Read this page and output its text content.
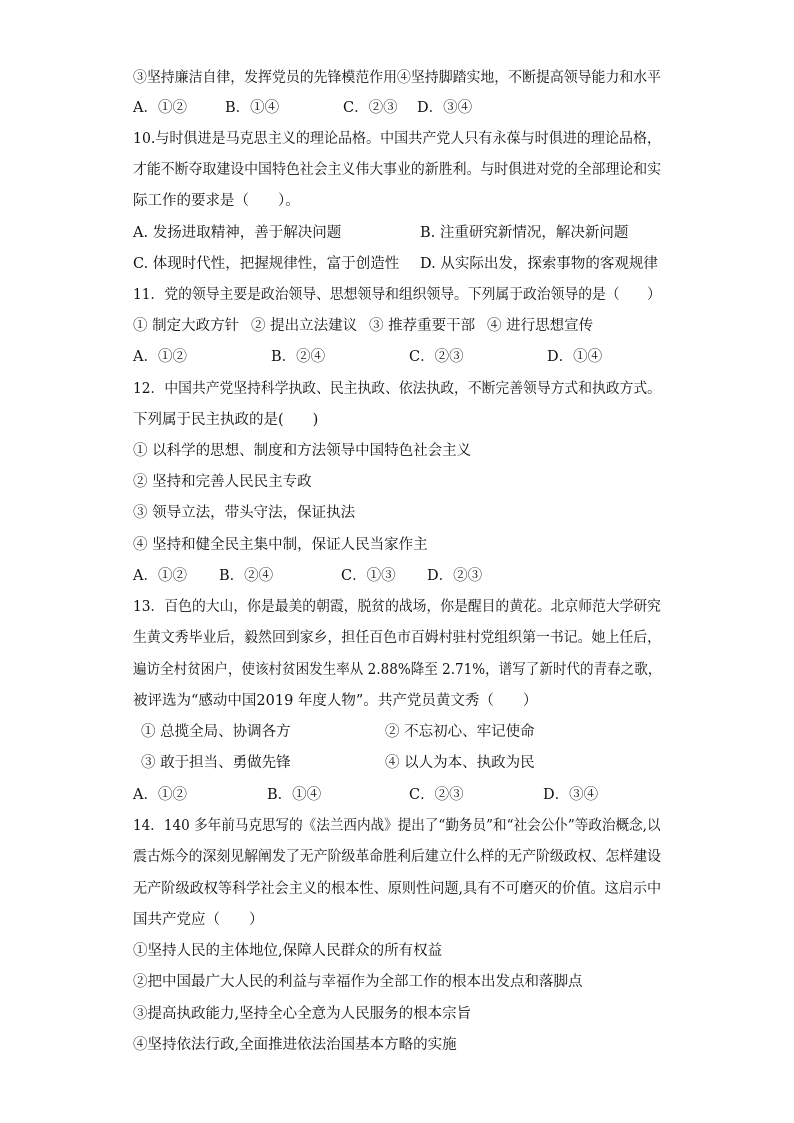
③坚持廉洁自律，发挥党员的先锋模范作用④坚持脚踏实地，不断提高领导能力和水平
A．①②	B．①④	C．②③ D．③④
10.与时俱进是马克思主义的理论品格。中国共产党人只有永葆与时俱进的理论品格，
才能不断夺取建设中国特色社会主义伟大事业的新胜利。与时俱进对党的全部理论和实
际工作的要求是（　　）。
A. 发扬进取精神，善于解决问题	B. 注重研究新情况，解决新问题
C. 体现时代性，把握规律性，富于创造性 D. 从实际出发，探索事物的客观规律
11．党的领导主要是政治领导、思想领导和组织领导。下列属于政治领导的是（　　）
① 制定大政方针 ② 提出立法建议 ③ 推荐重要干部 ④ 进行思想宣传
A．①②	B．②④	C．②③	D．①④
12．中国共产党坚持科学执政、民主执政、依法执政，不断完善领导方式和执政方式。
下列属于民主执政的是(　　)
① 以科学的思想、制度和方法领导中国特色社会主义
② 坚持和完善人民民主专政
③ 领导立法，带头守法，保证执法
④ 坚持和健全民主集中制，保证人民当家作主
A．①② B．②④	C．①③ D．②③
13．百色的大山，你是最美的朝霞，脱贫的战场，你是醒目的黄花。北京师范大学研究
生黄文秀毕业后，毅然回到家乡，担任百色市百姆村驻村党组织第一书记。她上任后，
遍访全村贫困户，使该村贫困发生率从 2.88%降至 2.71%，谱写了新时代的青春之歌，
被评选为“感动中国2019 年度人物”。共产党员黄文秀（　　）
① 总揽全局、协调各方	② 不忘初心、牢记使命
③ 敢于担当、勇做先锋	④ 以人为本、执政为民
A．①②	B．①④	C．②③	D．③④
14．140 多年前马克思写的《法兰西内战》提出了“勤务员”和“社会公仆”等政治概念,以
震古烁今的深刻见解阐发了无产阶级革命胜利后建立什么样的无产阶级政权、怎样建设
无产阶级政权等科学社会主义的根本性、原则性问题,具有不可磨灭的价值。这启示中
国共产党应（　　）
①坚持人民的主体地位,保障人民群众的所有权益
②把中国最广大人民的利益与幸福作为全部工作的根本出发点和落脚点
③提高执政能力,坚持全心全意为人民服务的根本宗旨
④坚持依法行政,全面推进依法治国基本方略的实施
